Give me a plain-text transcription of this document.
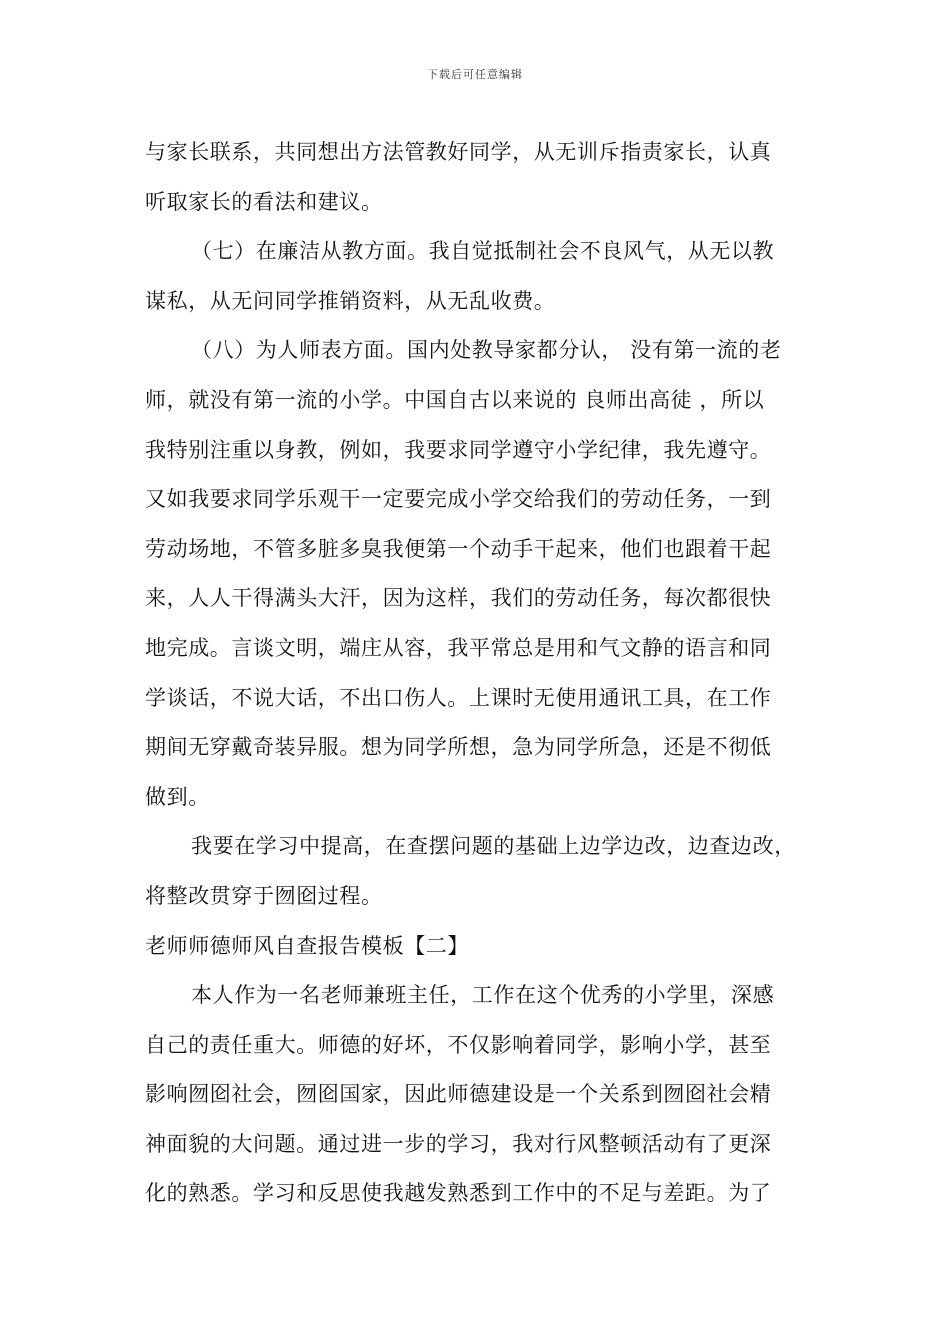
下载后可任意编辑
与家长联系，共同想出方法管教好同学，从无训斥指责家长，认真
听取家长的看法和建议。
（七）在廉洁从教方面。我自觉抵制社会不良风气，从无以教
谋私，从无问同学推销资料，从无乱收费。
（八）为人师表方面。国内处教导家都分认， 没有第一流的老
师，就没有第一流的小学。中国自古以来说的 良师出高徒 ，所以
我特别注重以身教，例如，我要求同学遵守小学纪律，我先遵守。
又如我要求同学乐观干一定要完成小学交给我们的劳动任务，一到
劳动场地，不管多脏多臭我便第一个动手干起来，他们也跟着干起
来，人人干得满头大汗，因为这样，我们的劳动任务，每次都很快
地完成。言谈文明，端庄从容，我平常总是用和气文静的语言和同
学谈话，不说大话，不出口伤人。上课时无使用通讯工具，在工作
期间无穿戴奇装异服。想为同学所想，急为同学所急，还是不彻低
做到。
我要在学习中提高，在查摆问题的基础上边学边改，边查边改，
将整改贯穿于囫囵过程。
老师师德师风自查报告模板【二】
本人作为一名老师兼班主任，工作在这个优秀的小学里，深感
自己的责任重大。师德的好坏，不仅影响着同学，影响小学，甚至
影响囫囵社会，囫囵国家，因此师德建设是一个关系到囫囵社会精
神面貌的大问题。通过进一步的学习，我对行风整顿活动有了更深
化的熟悉。学习和反思使我越发熟悉到工作中的不足与差距。为了
